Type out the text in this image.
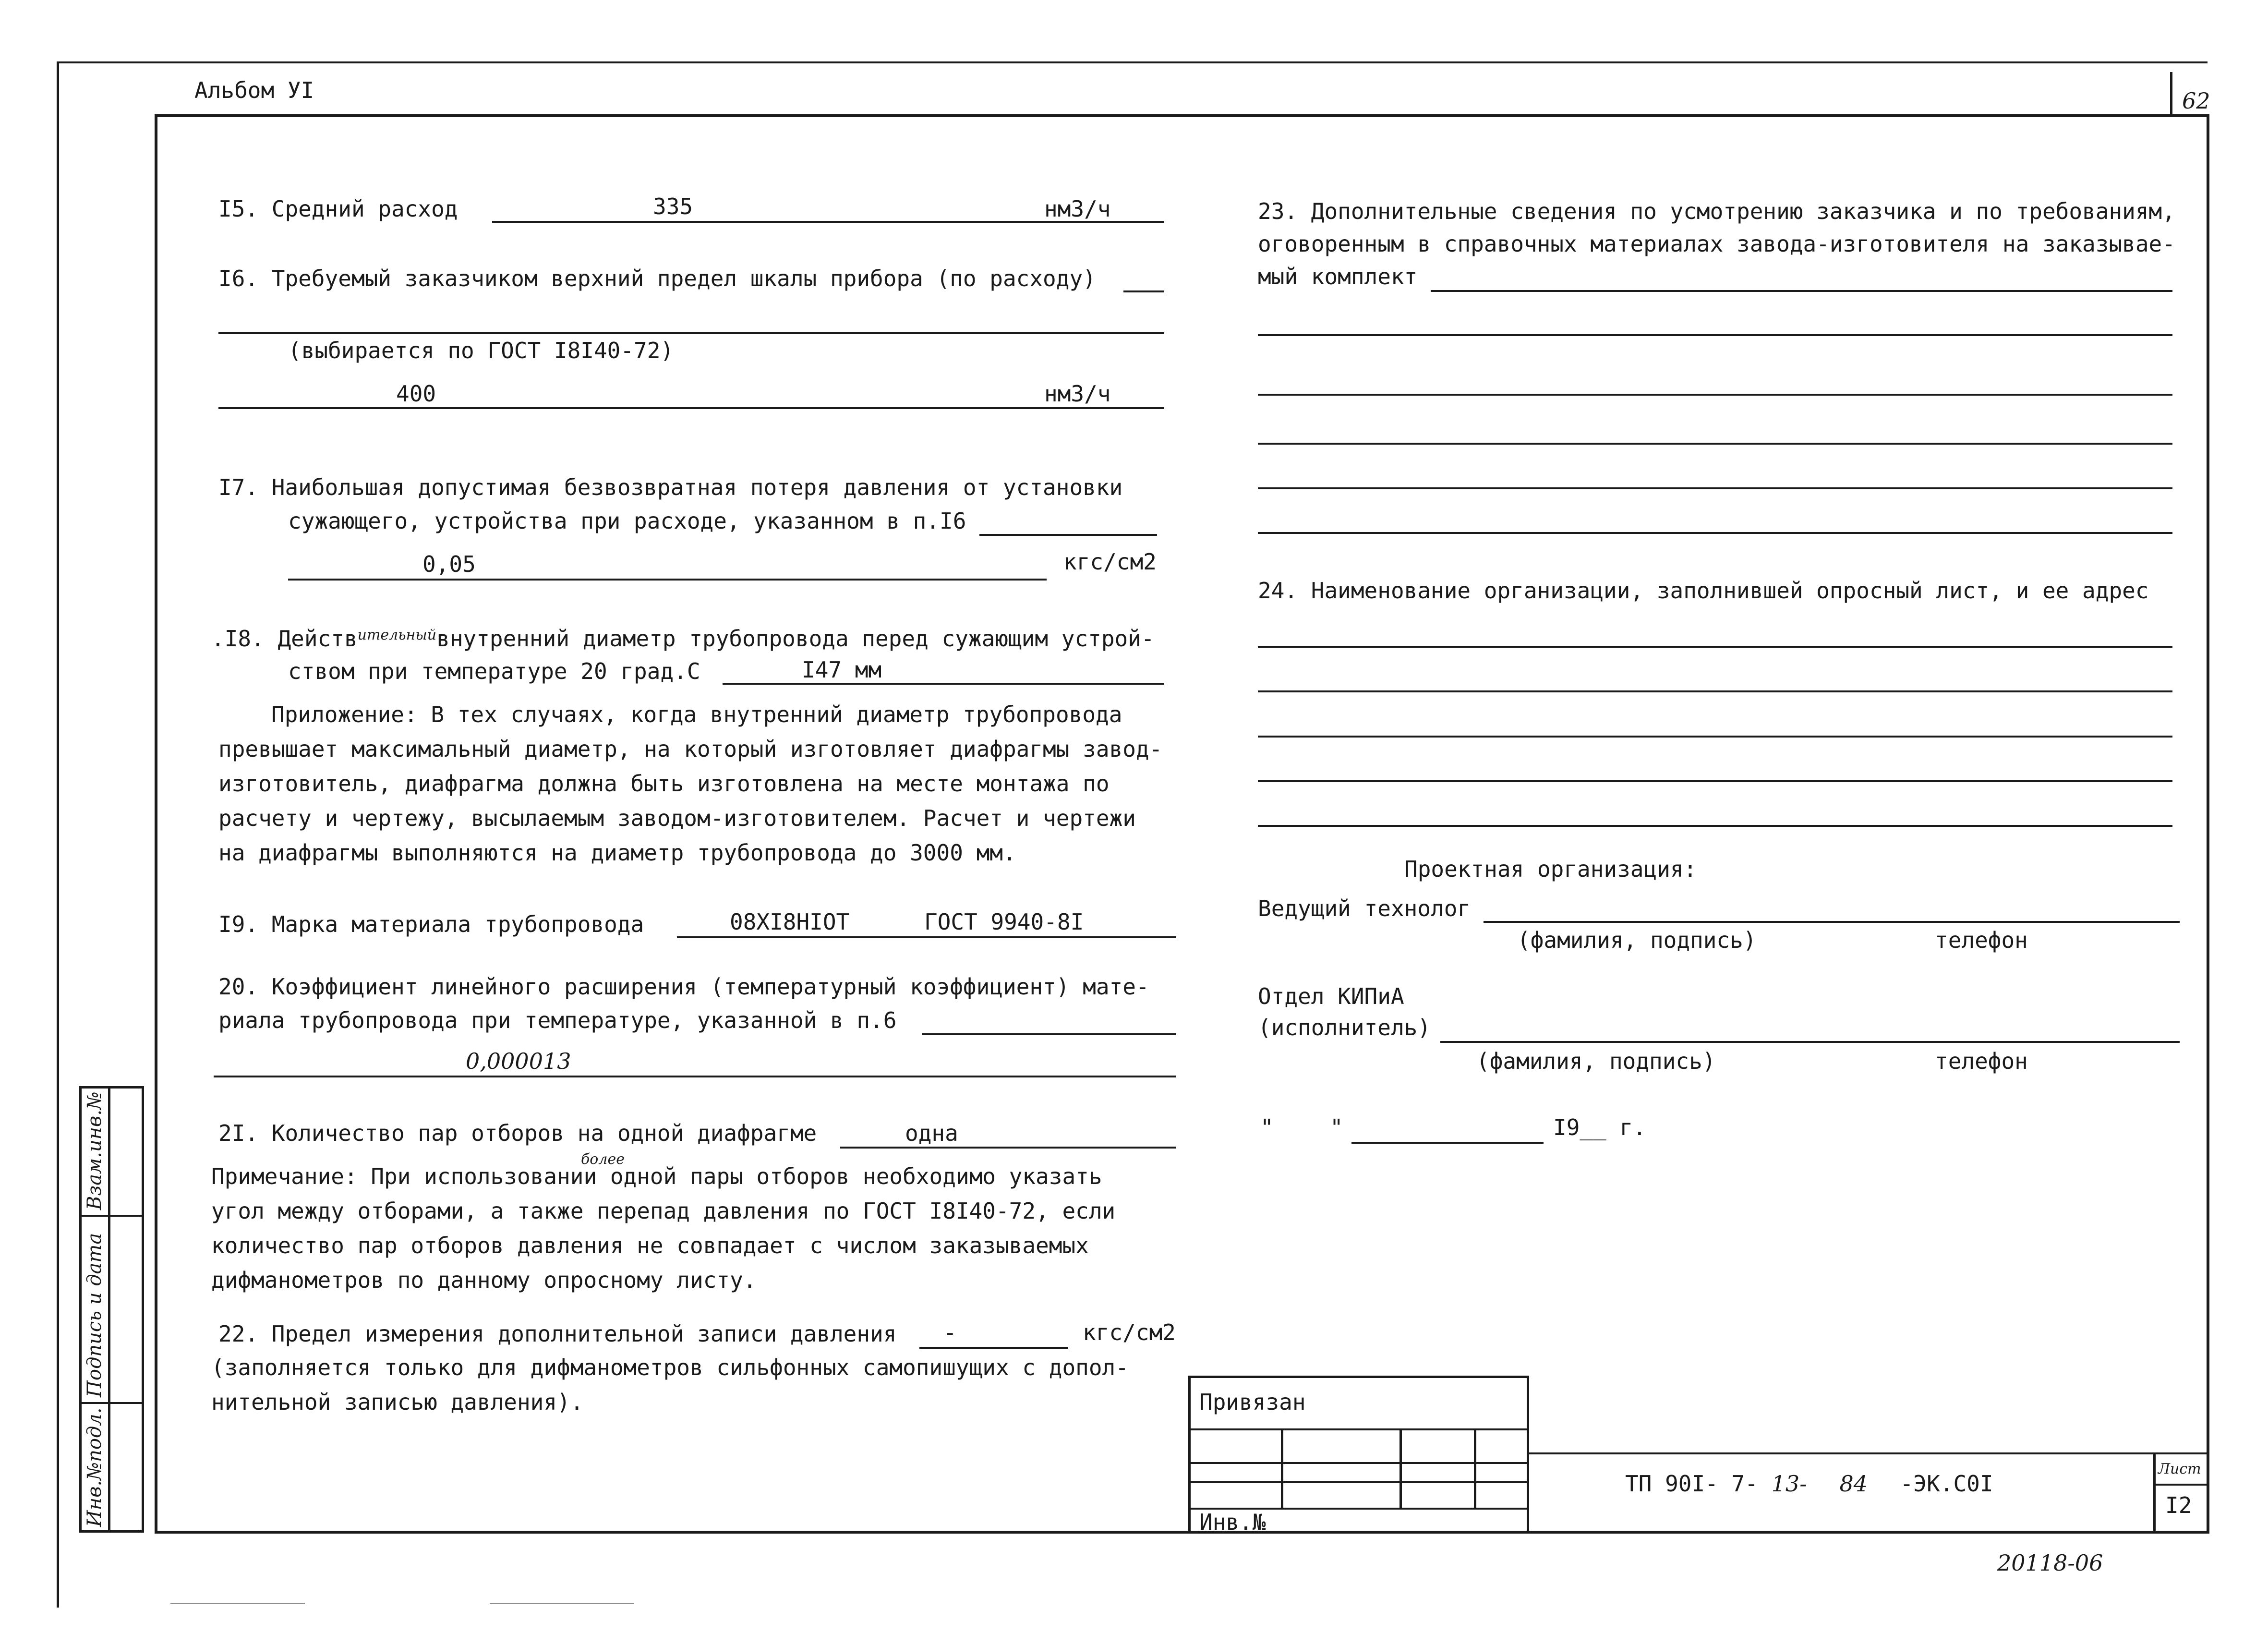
Альбом УI	62
I5. Средний расход	335	нм3/ч
I6. Требуемый заказчиком верхний предел шкалы прибора (по расходу)
(выбирается по ГОСТ I8I40-72)
400	нм3/ч
I7. Наибольшая допустимая безвозвратная потеря давления от установки
сужающего, устройства при расходе, указанном в п.I6
0,05	кгс/см2
.I8. Действ$^{ительный}$внутренний диаметр трубопровода перед сужающим устрой-
ством при температуре 20 град.С	I47 мм
Приложение: В тех случаях, когда внутренний диаметр трубопровода
превышает максимальный диаметр, на который изготовляет диафрагмы завод-
изготовитель, диафрагма должна быть изготовлена на месте монтажа по
расчету и чертежу, высылаемым заводом-изготовителем. Расчет и чертежи
на диафрагмы выполняются на диаметр трубопровода до 3000 мм.
I9. Марка материала трубопровода	08XI8HIOT	ГОСТ 9940-8I
20. Коэффициент линейного расширения (температурный коэффициент) мате-
риала трубопровода при температуре, указанной в п.6
0,000013
2I. Количество пар отборов на одной диафрагме	одна
более
Примечание: При использовании одной пары отборов необходимо указать
угол между отборами, а также перепад давления по ГОСТ I8I40-72, если
количество пар отборов давления не совпадает с числом заказываемых
дифманометров по данному опросному листу.
22. Предел измерения дополнительной записи давления -	кгс/см2
(заполняется только для дифманометров сильфонных самопишущих с допол-
нительной записью давления).
23. Дополнительные сведения по усмотрению заказчика и по требованиям,
оговоренным в справочных материалах завода-изготовителя на заказывае-
мый комплект
24. Наименование организации, заполнившей опросный лист, и ее адрес
Проектная организация:
Ведущий технолог
(фамилия, подпись)	телефон
Отдел КИПиА
(исполнитель)
(фамилия, подпись)	телефон
"	"	I9__ г.
Привязан
Инв.№
ТП 90I- 7- 13- 84 -ЭК.С0I
Лист
I2
Взам.инв.№
Подпись и дата
Инв.№подл.
20118-06
